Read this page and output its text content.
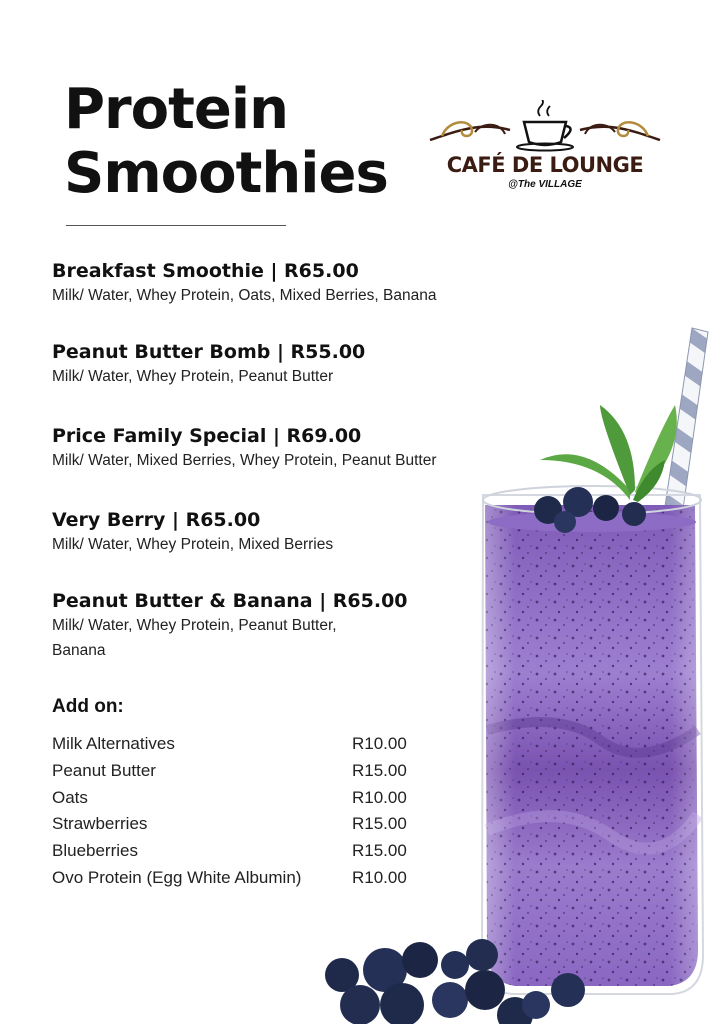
Protein
Smoothies	CAFÉ DE LOUNGE
@The VILLAGE
Breakfast Smoothie | R65.00
Milk/ Water, Whey Protein, Oats, Mixed Berries, Banana
Peanut Butter Bomb | R55.00
Milk/ Water, Whey Protein, Peanut Butter
Price Family Special | R69.00
Milk/ Water, Mixed Berries, Whey Protein, Peanut Butter
Very Berry | R65.00
Milk/ Water, Whey Protein, Mixed Berries
Peanut Butter & Banana | R65.00
Milk/ Water, Whey Protein, Peanut Butter,
Banana
Add on:
Milk Alternatives	R10.00
Peanut Butter	R15.00
Oats	R10.00
Strawberries	R15.00
Blueberries	R15.00
Ovo Protein (Egg White Albumin)	R10.00
